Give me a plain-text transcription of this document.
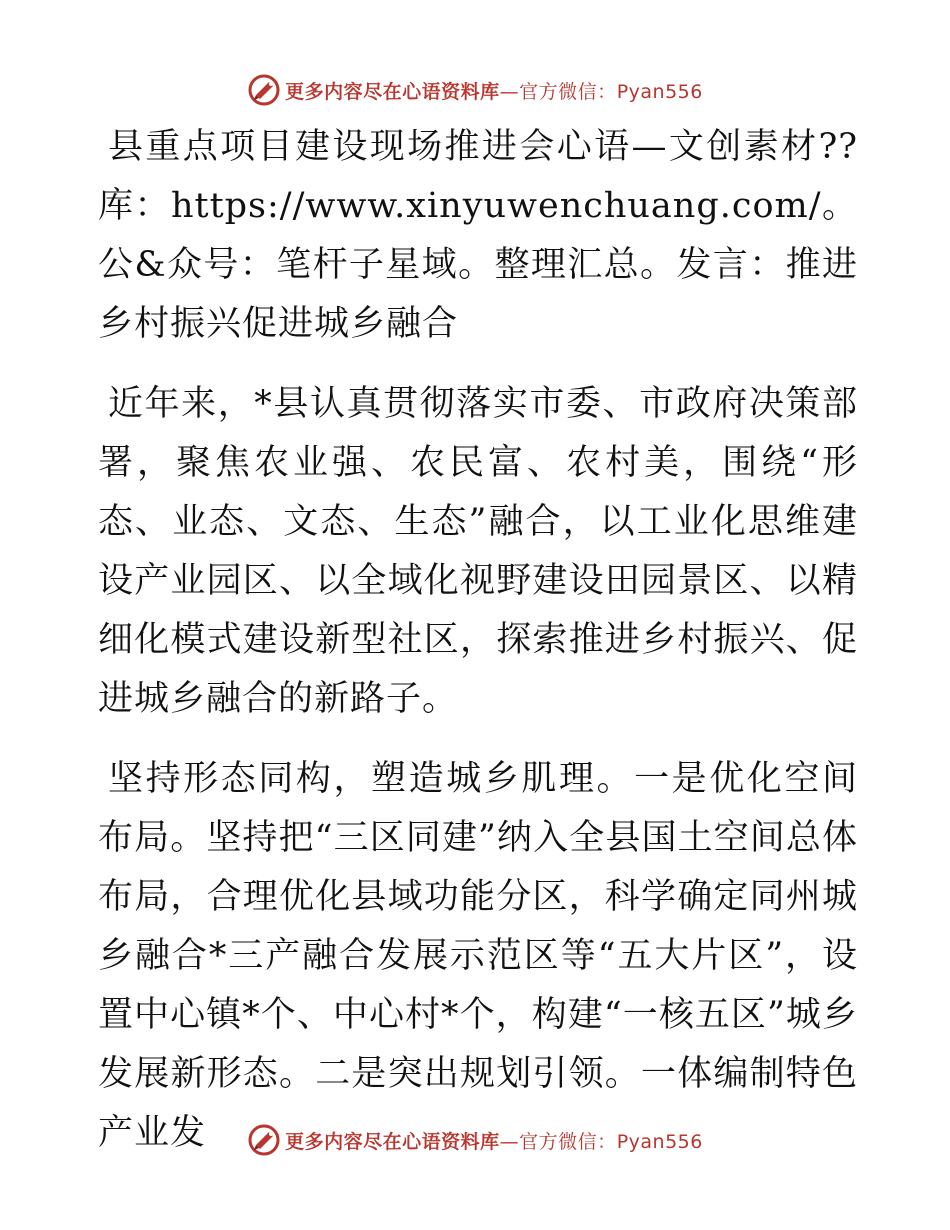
更多内容尽在心语资料库—官方微信：Pyan556

县重点项目建设现场推进会心语—文创素材??库：https://www.xinyuwenchuang.com/。公&众号：笔杆子星域。整理汇总。发言：推进乡村振兴促进城乡融合

近年来，*县认真贯彻落实市委、市政府决策部署，聚焦农业强、农民富、农村美，围绕“形态、业态、文态、生态”融合，以工业化思维建设产业园区、以全域化视野建设田园景区、以精细化模式建设新型社区，探索推进乡村振兴、促进城乡融合的新路子。

坚持形态同构，塑造城乡肌理。一是优化空间布局。坚持把“三区同建”纳入全县国土空间总体布局，合理优化县域功能分区，科学确定同州城乡融合*三产融合发展示范区等“五大片区”，设置中心镇*个、中心村*个，构建“一核五区”城乡发展新形态。二是突出规划引领。一体编制特色产业发	更多内容尽在心语资料库—官方微信：Pyan556
